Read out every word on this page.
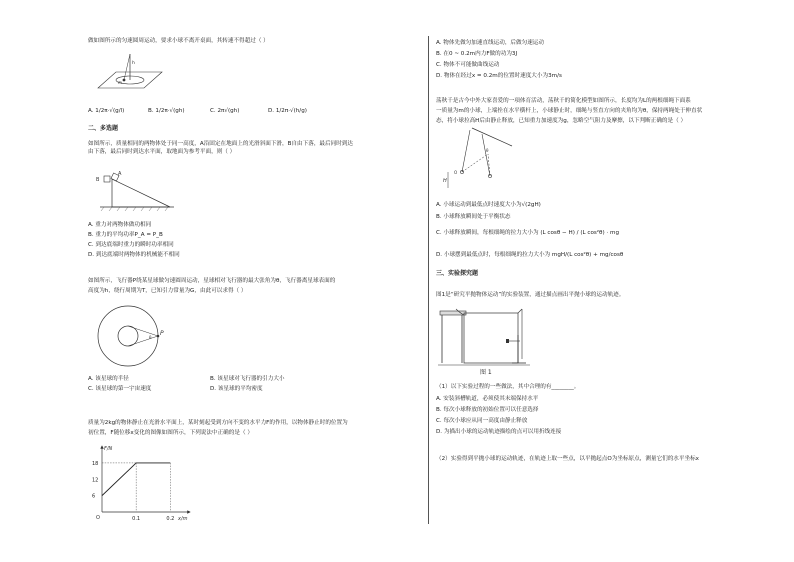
做如图所示的匀速圆周运动，要求小球不离开桌面，其转速不得超过（ ）
h
m
A. 1/2π·√(g/l)	B. 1/2π·√(gh)	C. 2π√(gh)	D. 1/2π·√(h/g)
二、多选题
如图所示，质量相同的两物体处于同一高度，A沿固定在地面上的光滑斜面下滑，B自由下落，最后同时到达
由下落，最后同时到达水平面，取地面为参考平面，则（ ）
B
A
A. 重力对两物体做功相同
B. 重力的平均功率P_A = P_B
C. 到达底端时重力的瞬时功率相同
D. 到达底端时两物体的机械能不相同
如图所示，飞行器P绕某星球做匀速圆周运动，星球相对飞行器的最大张角为θ，飞行器离星球表面的
高度为h，绕行周期为T，已知引力常量为G，由此可以求得（ ）
P
θ
A. 该星球的半径	B. 该星球对飞行器的引力大小
C. 该星球的第一宇宙速度	D. 该星球的平均密度
质量为2kg的物体静止在光滑水平面上，某时刻起受到方向不变的水平力F的作用，以物体静止时的位置为
初位置，F随位移x变化的图像如图所示，下列说法中正确的是（ ）
0.1	0.2
6
12
18
F/N
x/m
O
A. 物体先做匀加速直线运动，后做匀速运动
B. 在0 ~ 0.2m内力F做的功为3J
C. 物体不可能做曲线运动
D. 物体在经过x = 0.2m的位置时速度大小为3m/s
荡秋千是古今中外大家喜爱的一项体育活动，荡秋千的简化模型如图所示，长度均为L的两根细绳下面系
一质量为m的小球，上端拴在水平横杆上，小球静止时，细绳与竖直方向的夹角均为θ，保持两绳处于伸直状
态，将小球拉高H后由静止释放，已知重力加速度为g，忽略空气阻力及摩擦，以下判断正确的是（ ）
H
O
θ
A. 小球运动到最低点时速度大小为√(2gH)
B. 小球释放瞬间处于平衡状态
C. 小球释放瞬间，每根细绳的拉力大小为 (L cosθ − H) / (L cos²θ) · mg
D. 小球摆到最低点时，每根细绳的拉力大小为 mgH/(L cos²θ) + mg/cosθ
三、实验探究题
图1是“研究平抛物体运动”的实验装置，通过描点画出平抛小球的运动轨迹。
图 1
（1）以下实验过程的一些做法，其中合理的有________。
A. 安装斜槽轨道，必须使其末端保持水平
B. 每次小球释放的初始位置可以任意选择
C. 每次小球应从同一高度由静止释放
D. 为描出小球的运动轨迹描绘的点可以用折线连接
（2）实验得到平抛小球的运动轨迹，在轨迹上取一些点，以平抛起点O为坐标原点，测量它们的水平坐标x
